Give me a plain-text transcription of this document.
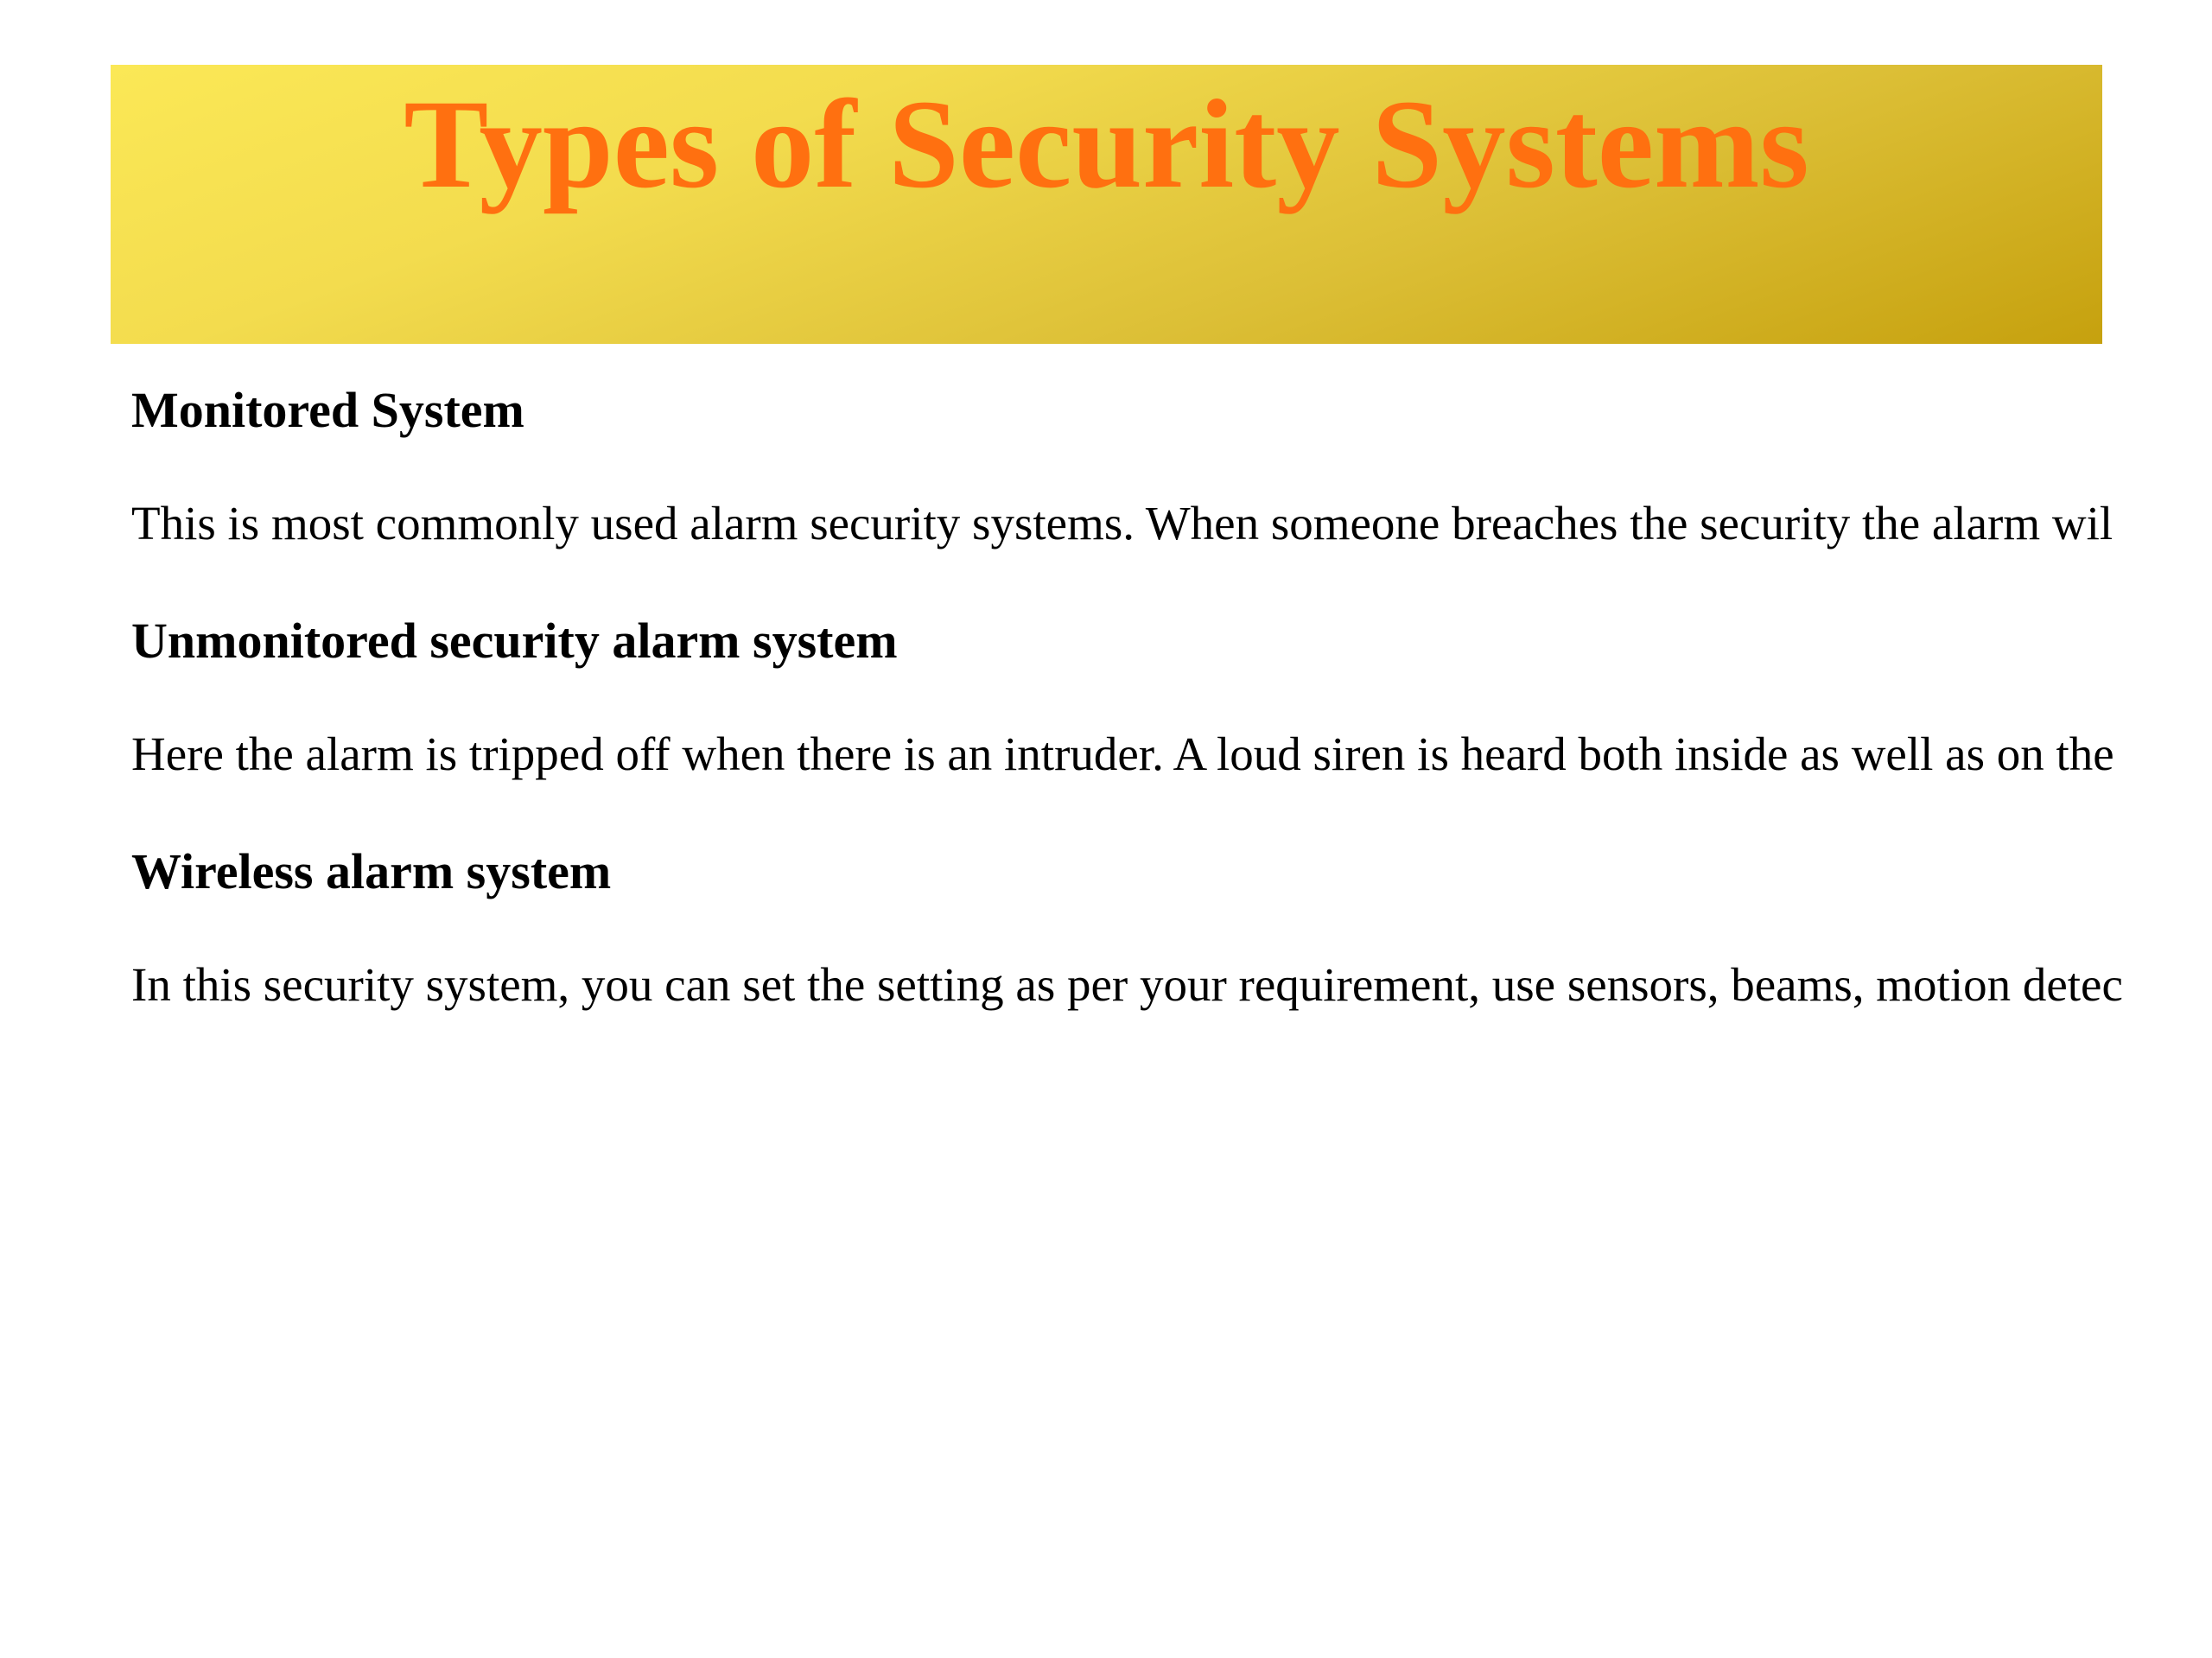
Types of Security Systems

Monitored System

This is most commonly used alarm security systems. When someone breaches the security the alarm wil

Unmonitored security alarm system

Here the alarm is tripped off when there is an intruder. A loud siren is heard both inside as well as on the

Wireless alarm system

In this security system, you can set the setting as per your requirement, use sensors, beams, motion detec
